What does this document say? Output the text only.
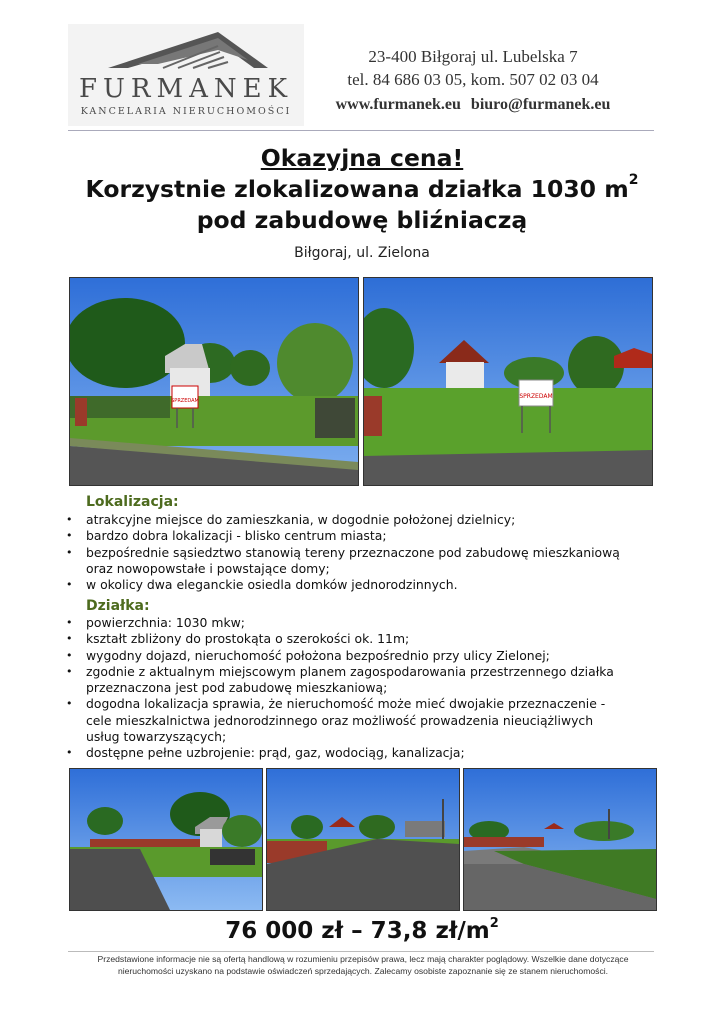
FURMANEK
KANCELARIA NIERUCHOMOŚCI
23-400 Biłgoraj ul. Lubelska 7
tel. 84 686 03 05, kom. 507 02 03 04
www.furmanek.eu biuro@furmanek.eu
Okazyjna cena!
Korzystnie zlokalizowana działka 1030 $m^2$
pod zabudowę bliźniaczą
Biłgoraj, ul. Zielona
SPRZEDAM
SPRZEDAM
Lokalizacja:
• atrakcyjne miejsce do zamieszkania, w dogodnie położonej dzielnicy;
• bardzo dobra lokalizacji - blisko centrum miasta;
• bezpośrednie sąsiedztwo stanowią tereny przeznaczone pod zabudowę mieszkaniową
oraz nowopowstałe i powstające domy;
• w okolicy dwa eleganckie osiedla domków jednorodzinnych.
Działka:
• powierzchnia: 1030 mkw;
• kształt zbliżony do prostokąta o szerokości ok. 11m;
• wygodny dojazd, nieruchomość położona bezpośrednio przy ulicy Zielonej;
• zgodnie z aktualnym miejscowym planem zagospodarowania przestrzennego działka
przeznaczona jest pod zabudowę mieszkaniową;
• dogodna lokalizacja sprawia, że nieruchomość może mieć dwojakie przeznaczenie -
cele mieszkalnictwa jednorodzinnego oraz możliwość prowadzenia nieuciążliwych
usług towarzyszących;
• dostępne pełne uzbrojenie: prąd, gaz, wodociąg, kanalizacja;
76 000 zł – 73,8 $zł/m^2$
Przedstawione informacje nie są ofertą handlową w rozumieniu przepisów prawa, lecz mają charakter poglądowy. Wszelkie dane dotyczące
nieruchomości uzyskano na podstawie oświadczeń sprzedających. Zalecamy osobiste zapoznanie się ze stanem nieruchomości.
